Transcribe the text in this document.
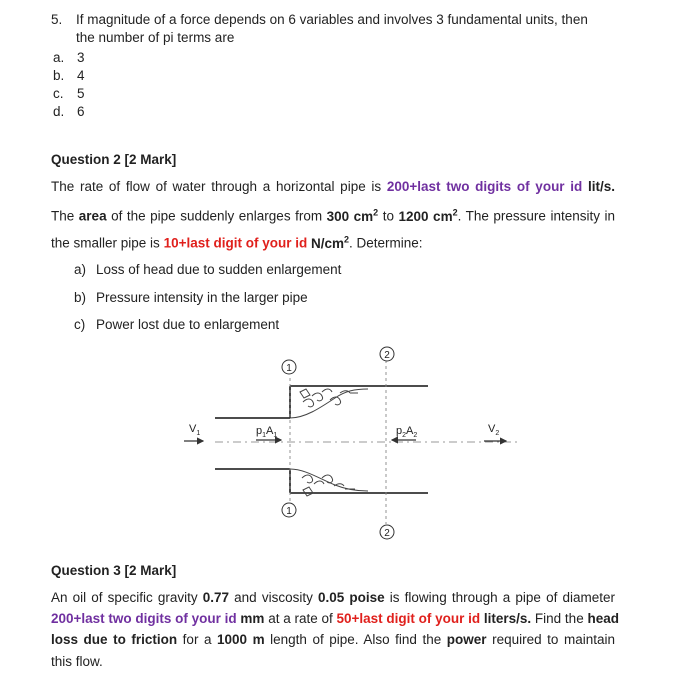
5. If magnitude of a force depends on 6 variables and involves 3 fundamental units, then
the number of pi terms are
a. 3
b. 4
c. 5
d. 6
Question 2 [2 Mark]
The rate of flow of water through a horizontal pipe is 200+last two digits of your id lit/s.
The area of the pipe suddenly enlarges from 300 $cm^2$ to 1200 $cm^2$. The pressure intensity in
the smaller pipe is 10+last digit of your id $N/cm^2$. Determine:
a) Loss of head due to sudden enlargement
b) Pressure intensity in the larger pipe
c) Power lost due to enlargement
1
1
2
2
$V_1$	$p_1A_1$	$p_2A_2$
$V_2$
Question 3 [2 Mark]
An oil of specific gravity 0.77 and viscosity 0.05 poise is flowing through a pipe of diameter
200+last two digits of your id mm at a rate of 50+last digit of your id liters/s. Find the head
loss due to friction for a 1000 m length of pipe. Also find the power required to maintain
this flow.
